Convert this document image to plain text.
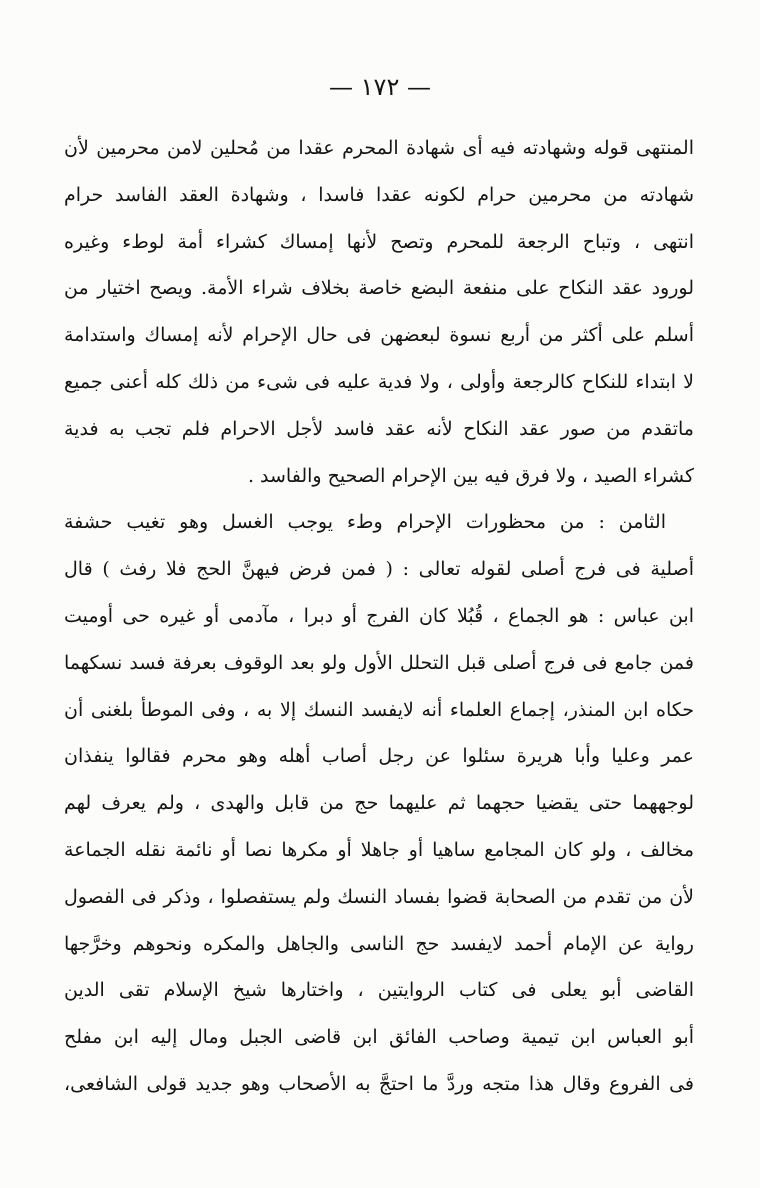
— ١٧٢ —
المنتهى قوله وشهادته فيه أى شهادة المحرم عقدا من مُحلين لامن محرمين لأن
شهادته من محرمين حرام لكونه عقدا فاسدا ، وشهادة العقد الفاسد حرام
انتهى ، وتباح الرجعة للمحرم وتصح لأنها إمساك كشراء أمة لوطء وغيره
لورود عقد النكاح على منفعة البضع خاصة بخلاف شراء الأمة. ويصح اختيار من
أسلم على أكثر من أربع نسوة لبعضهن فى حال الإحرام لأنه إمساك واستدامة
لا ابتداء للنكاح كالرجعة وأولى ، ولا فدية عليه فى شىء من ذلك كله أعنى جميع
ماتقدم من صور عقد النكاح لأنه عقد فاسد لأجل الاحرام فلم تجب به فدية
كشراء الصيد ، ولا فرق فيه بين الإحرام الصحيح والفاسد .
الثامن : من محظورات الإحرام وطء يوجب الغسل وهو تغيب حشفة
أصلية فى فرج أصلى لقوله تعالى : ( فمن فرض فيهنَّ الحج فلا رفث ) قال
ابن عباس : هو الجماع ، قُبُلا كان الفرج أو دبرا ، مآدمى أو غيره حى أوميت
فمن جامع فى فرج أصلى قبل التحلل الأول ولو بعد الوقوف بعرفة فسد نسكهما
حكاه ابن المنذر، إجماع العلماء أنه لايفسد النسك إلا به ، وفى الموطأ بلغنى أن
عمر وعليا وأبا هريرة سئلوا عن رجل أصاب أهله وهو محرم فقالوا ينفذان
لوجههما حتى يقضيا حجهما ثم عليهما حج من قابل والهدى ، ولم يعرف لهم
مخالف ، ولو كان المجامع ساهيا أو جاهلا أو مكرها نصا أو نائمة نقله الجماعة
لأن من تقدم من الصحابة قضوا بفساد النسك ولم يستفصلوا ، وذكر فى الفصول
رواية عن الإمام أحمد لايفسد حج الناسى والجاهل والمكره ونحوهم وخرَّجها
القاضى أبو يعلى فى كتاب الروايتين ، واختارها شيخ الإسلام تقى الدين
أبو العباس ابن تيمية وصاحب الفائق ابن قاضى الجبل ومال إليه ابن مفلح
فى الفروع وقال هذا متجه وردَّ ما احتجَّ به الأصحاب وهو جديد قولى الشافعى،
